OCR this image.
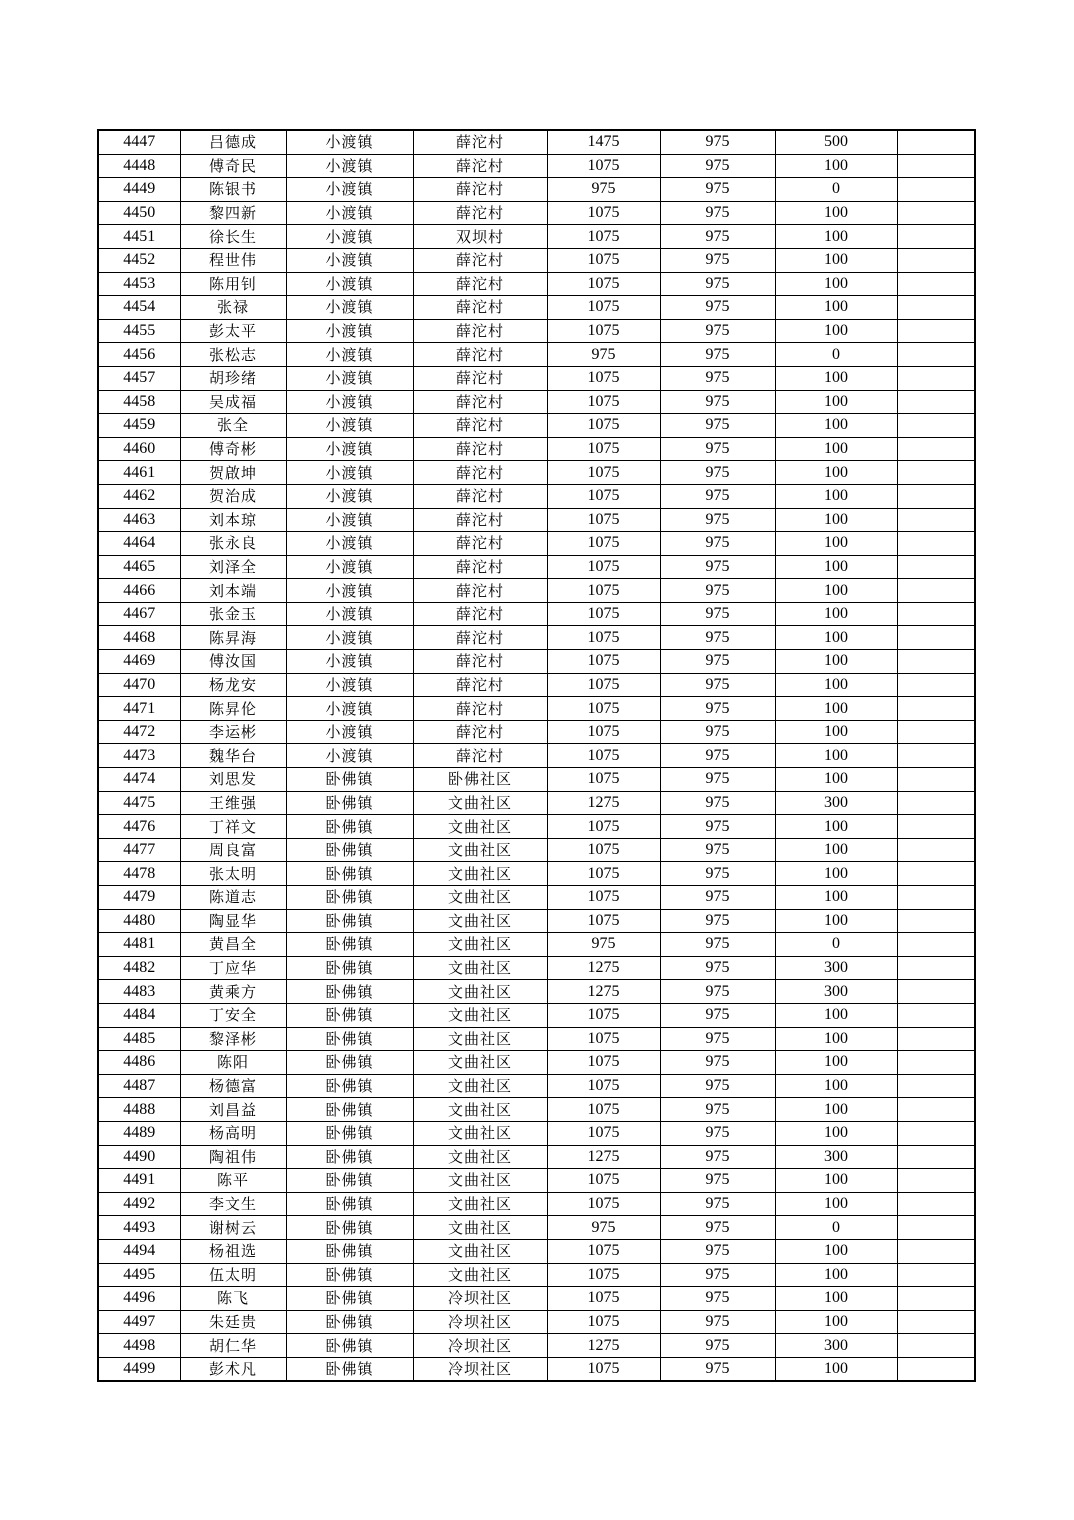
4447	吕德成	小渡镇	薛沱村	1475	975	500	
4448	傅奇民	小渡镇	薛沱村	1075	975	100	
4449	陈银书	小渡镇	薛沱村	975	975	0	
4450	黎四新	小渡镇	薛沱村	1075	975	100	
4451	徐长生	小渡镇	双坝村	1075	975	100	
4452	程世伟	小渡镇	薛沱村	1075	975	100	
4453	陈用钊	小渡镇	薛沱村	1075	975	100	
4454	张禄	小渡镇	薛沱村	1075	975	100	
4455	彭太平	小渡镇	薛沱村	1075	975	100	
4456	张松志	小渡镇	薛沱村	975	975	0	
4457	胡珍绪	小渡镇	薛沱村	1075	975	100	
4458	吴成福	小渡镇	薛沱村	1075	975	100	
4459	张全	小渡镇	薛沱村	1075	975	100	
4460	傅奇彬	小渡镇	薛沱村	1075	975	100	
4461	贺啟坤	小渡镇	薛沱村	1075	975	100	
4462	贺治成	小渡镇	薛沱村	1075	975	100	
4463	刘本琼	小渡镇	薛沱村	1075	975	100	
4464	张永良	小渡镇	薛沱村	1075	975	100	
4465	刘泽全	小渡镇	薛沱村	1075	975	100	
4466	刘本端	小渡镇	薛沱村	1075	975	100	
4467	张金玉	小渡镇	薛沱村	1075	975	100	
4468	陈昇海	小渡镇	薛沱村	1075	975	100	
4469	傅汝国	小渡镇	薛沱村	1075	975	100	
4470	杨龙安	小渡镇	薛沱村	1075	975	100	
4471	陈昇伦	小渡镇	薛沱村	1075	975	100	
4472	李运彬	小渡镇	薛沱村	1075	975	100	
4473	魏华台	小渡镇	薛沱村	1075	975	100	
4474	刘思发	卧佛镇	卧佛社区	1075	975	100	
4475	王维强	卧佛镇	文曲社区	1275	975	300	
4476	丁祥文	卧佛镇	文曲社区	1075	975	100	
4477	周良富	卧佛镇	文曲社区	1075	975	100	
4478	张太明	卧佛镇	文曲社区	1075	975	100	
4479	陈道志	卧佛镇	文曲社区	1075	975	100	
4480	陶显华	卧佛镇	文曲社区	1075	975	100	
4481	黄昌全	卧佛镇	文曲社区	975	975	0	
4482	丁应华	卧佛镇	文曲社区	1275	975	300	
4483	黄乘方	卧佛镇	文曲社区	1275	975	300	
4484	丁安全	卧佛镇	文曲社区	1075	975	100	
4485	黎泽彬	卧佛镇	文曲社区	1075	975	100	
4486	陈阳	卧佛镇	文曲社区	1075	975	100	
4487	杨德富	卧佛镇	文曲社区	1075	975	100	
4488	刘昌益	卧佛镇	文曲社区	1075	975	100	
4489	杨高明	卧佛镇	文曲社区	1075	975	100	
4490	陶祖伟	卧佛镇	文曲社区	1275	975	300	
4491	陈平	卧佛镇	文曲社区	1075	975	100	
4492	李文生	卧佛镇	文曲社区	1075	975	100	
4493	谢树云	卧佛镇	文曲社区	975	975	0	
4494	杨祖选	卧佛镇	文曲社区	1075	975	100	
4495	伍太明	卧佛镇	文曲社区	1075	975	100	
4496	陈飞	卧佛镇	冷坝社区	1075	975	100	
4497	朱廷贵	卧佛镇	冷坝社区	1075	975	100	
4498	胡仁华	卧佛镇	冷坝社区	1275	975	300	
4499	彭术凡	卧佛镇	冷坝社区	1075	975	100	
